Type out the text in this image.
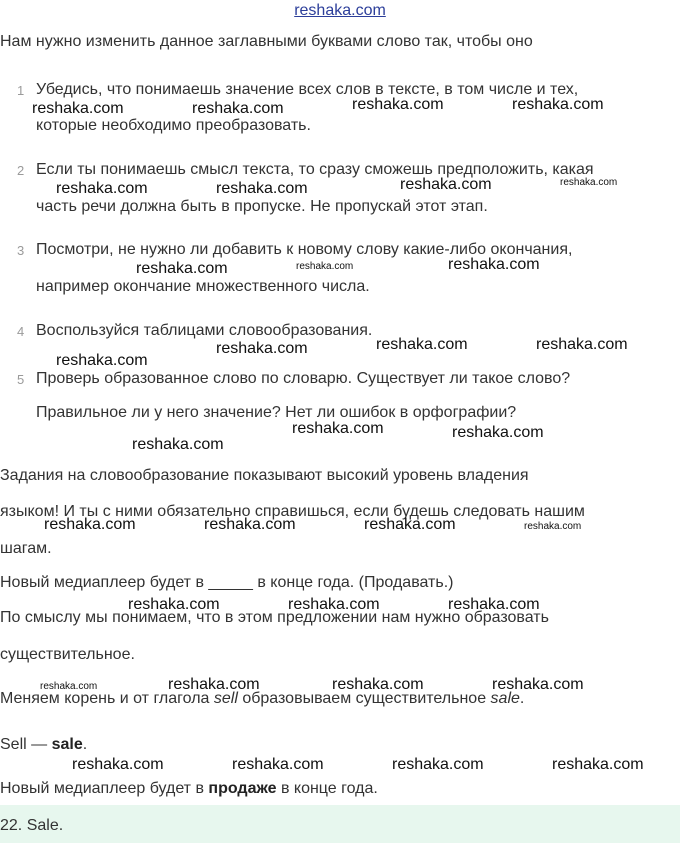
reshaka.com
Нам нужно изменить данное заглавными буквами слово так, чтобы оно
1 Убедись, что понимаешь значение всех слов в тексте, в том числе и тех,
которые необходимо преобразовать.
2 Если ты понимаешь смысл текста, то сразу сможешь предположить, какая
часть речи должна быть в пропуске. Не пропускай этот этап.
3 Посмотри, не нужно ли добавить к новому слову какие-либо окончания,
например окончание множественного числа.
4 Воспользуйся таблицами словообразования.
5 Проверь образованное слово по словарю. Существует ли такое слово?
Правильное ли у него значение? Нет ли ошибок в орфографии?
Задания на словообразование показывают высокий уровень владения
языком! И ты с ними обязательно справишься, если будешь следовать нашим
шагам.
Новый медиаплеер будет в _____ в конце года. (Продавать.)
По смыслу мы понимаем, что в этом предложении нам нужно образовать
существительное.
Меняем корень и от глагола sell образовываем существительное sale.
Sell — sale.
Новый медиаплеер будет в продаже в конце года.
22. Sale.
reshaka.com	reshaka.com	reshaka.com	reshaka.com
reshaka.com	reshaka.com	reshaka.com	reshaka.com
reshaka.com	reshaka.com	reshaka.com
reshaka.com	reshaka.com	reshaka.com
reshaka.com
reshaka.com	reshaka.com
reshaka.com
reshaka.com	reshaka.com	reshaka.com	reshaka.com
reshaka.com	reshaka.com	reshaka.com
reshaka.com	reshaka.com	reshaka.com	reshaka.com
reshaka.com	reshaka.com	reshaka.com	reshaka.com
